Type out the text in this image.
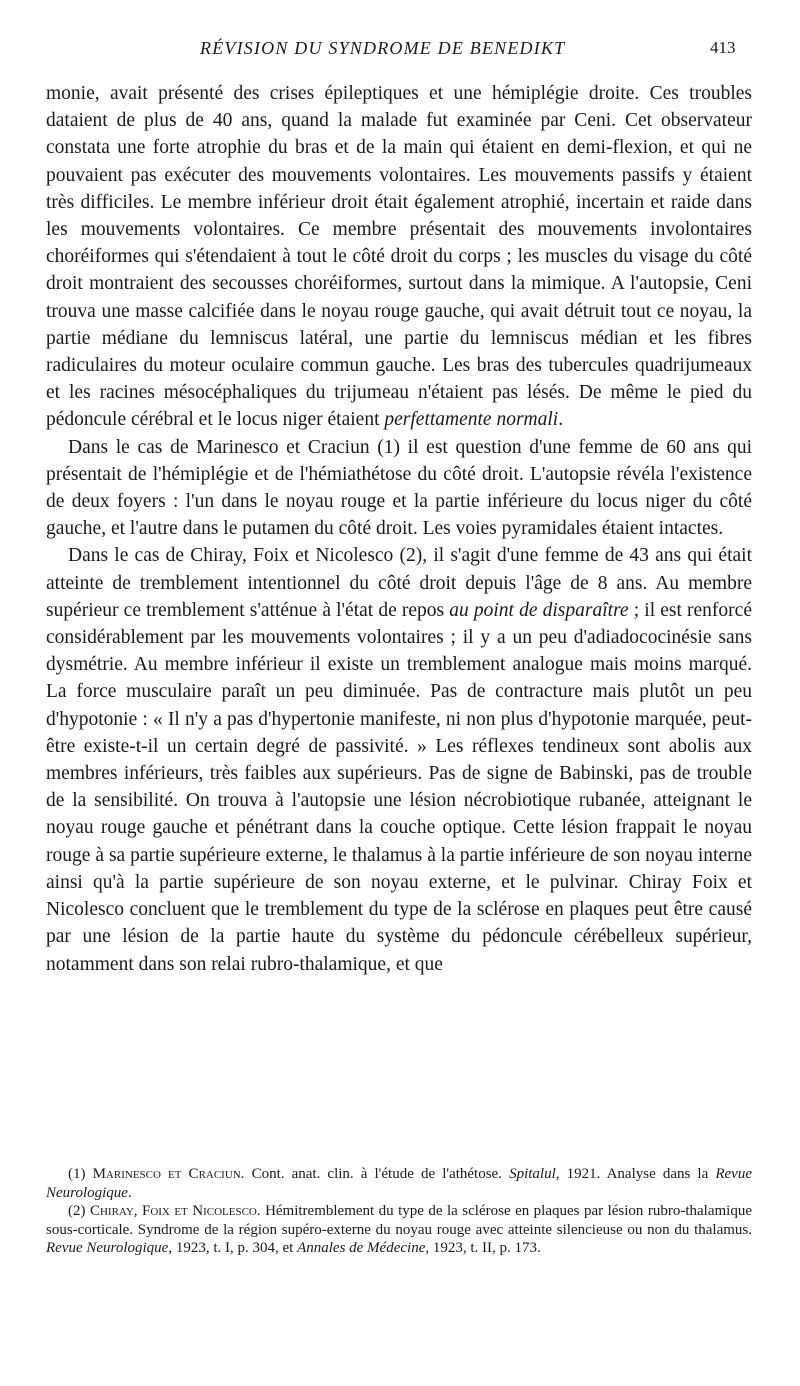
RÉVISION DU SYNDROME DE BENEDIKT	413

monie, avait présenté des crises épileptiques et une hémiplégie droite. Ces troubles dataient de plus de 40 ans, quand la malade fut examinée par Ceni. Cet observateur constata une forte atrophie du bras et de la main qui étaient en demi-flexion, et qui ne pouvaient pas exécuter des mouvements volontaires. Les mouvements passifs y étaient très difficiles. Le membre inférieur droit était également atrophié, incertain et raide dans les mouvements volontaires. Ce membre présentait des mouvements involontaires choréiformes qui s'étendaient à tout le côté droit du corps ; les muscles du visage du côté droit montraient des secousses choréiformes, surtout dans la mimique. A l'autopsie, Ceni trouva une masse calcifiée dans le noyau rouge gauche, qui avait détruit tout ce noyau, la partie médiane du lemniscus latéral, une partie du lemniscus médian et les fibres radiculaires du moteur oculaire commun gauche. Les bras des tubercules quadrijumeaux et les racines mésocéphaliques du trijumeau n'étaient pas lésés. De même le pied du pédoncule cérébral et le locus niger étaient perfettamente normali.

Dans le cas de Marinesco et Craciun (1) il est question d'une femme de 60 ans qui présentait de l'hémiplégie et de l'hémiathétose du côté droit. L'autopsie révéla l'existence de deux foyers : l'un dans le noyau rouge et la partie inférieure du locus niger du côté gauche, et l'autre dans le putamen du côté droit. Les voies pyramidales étaient intactes.

Dans le cas de Chiray, Foix et Nicolesco (2), il s'agit d'une femme de 43 ans qui était atteinte de tremblement intentionnel du côté droit depuis l'âge de 8 ans. Au membre supérieur ce tremblement s'atténue à l'état de repos au point de disparaître ; il est renforcé considérablement par les mouvements volontaires ; il y a un peu d'adiadococinésie sans dysmétrie. Au membre inférieur il existe un tremblement analogue mais moins marqué. La force musculaire paraît un peu diminuée. Pas de contracture mais plutôt un peu d'hypotonie : « Il n'y a pas d'hypertonie manifeste, ni non plus d'hypotonie marquée, peut-être existe-t-il un certain degré de passivité. » Les réflexes tendineux sont abolis aux membres inférieurs, très faibles aux supérieurs. Pas de signe de Babinski, pas de trouble de la sensibilité. On trouva à l'autopsie une lésion nécrobiotique rubanée, atteignant le noyau rouge gauche et pénétrant dans la couche optique. Cette lésion frappait le noyau rouge à sa partie supérieure externe, le thalamus à la partie inférieure de son noyau interne ainsi qu'à la partie supérieure de son noyau externe, et le pulvinar. Chiray Foix et Nicolesco concluent que le tremblement du type de la sclérose en plaques peut être causé par une lésion de la partie haute du système du pédoncule cérébelleux supérieur, notamment dans son relai rubro-thalamique, et que

(1) Marinesco et Craciun. Cont. anat. clin. à l'étude de l'athétose. Spitalul, 1921. Analyse dans la Revue Neurologique.

(2) Chiray, Foix et Nicolesco. Hémitremblement du type de la sclérose en plaques par lésion rubro-thalamique sous-corticale. Syndrome de la région supéro-externe du noyau rouge avec atteinte silencieuse ou non du thalamus. Revue Neurologique, 1923, t. I, p. 304, et Annales de Médecine, 1923, t. II, p. 173.
